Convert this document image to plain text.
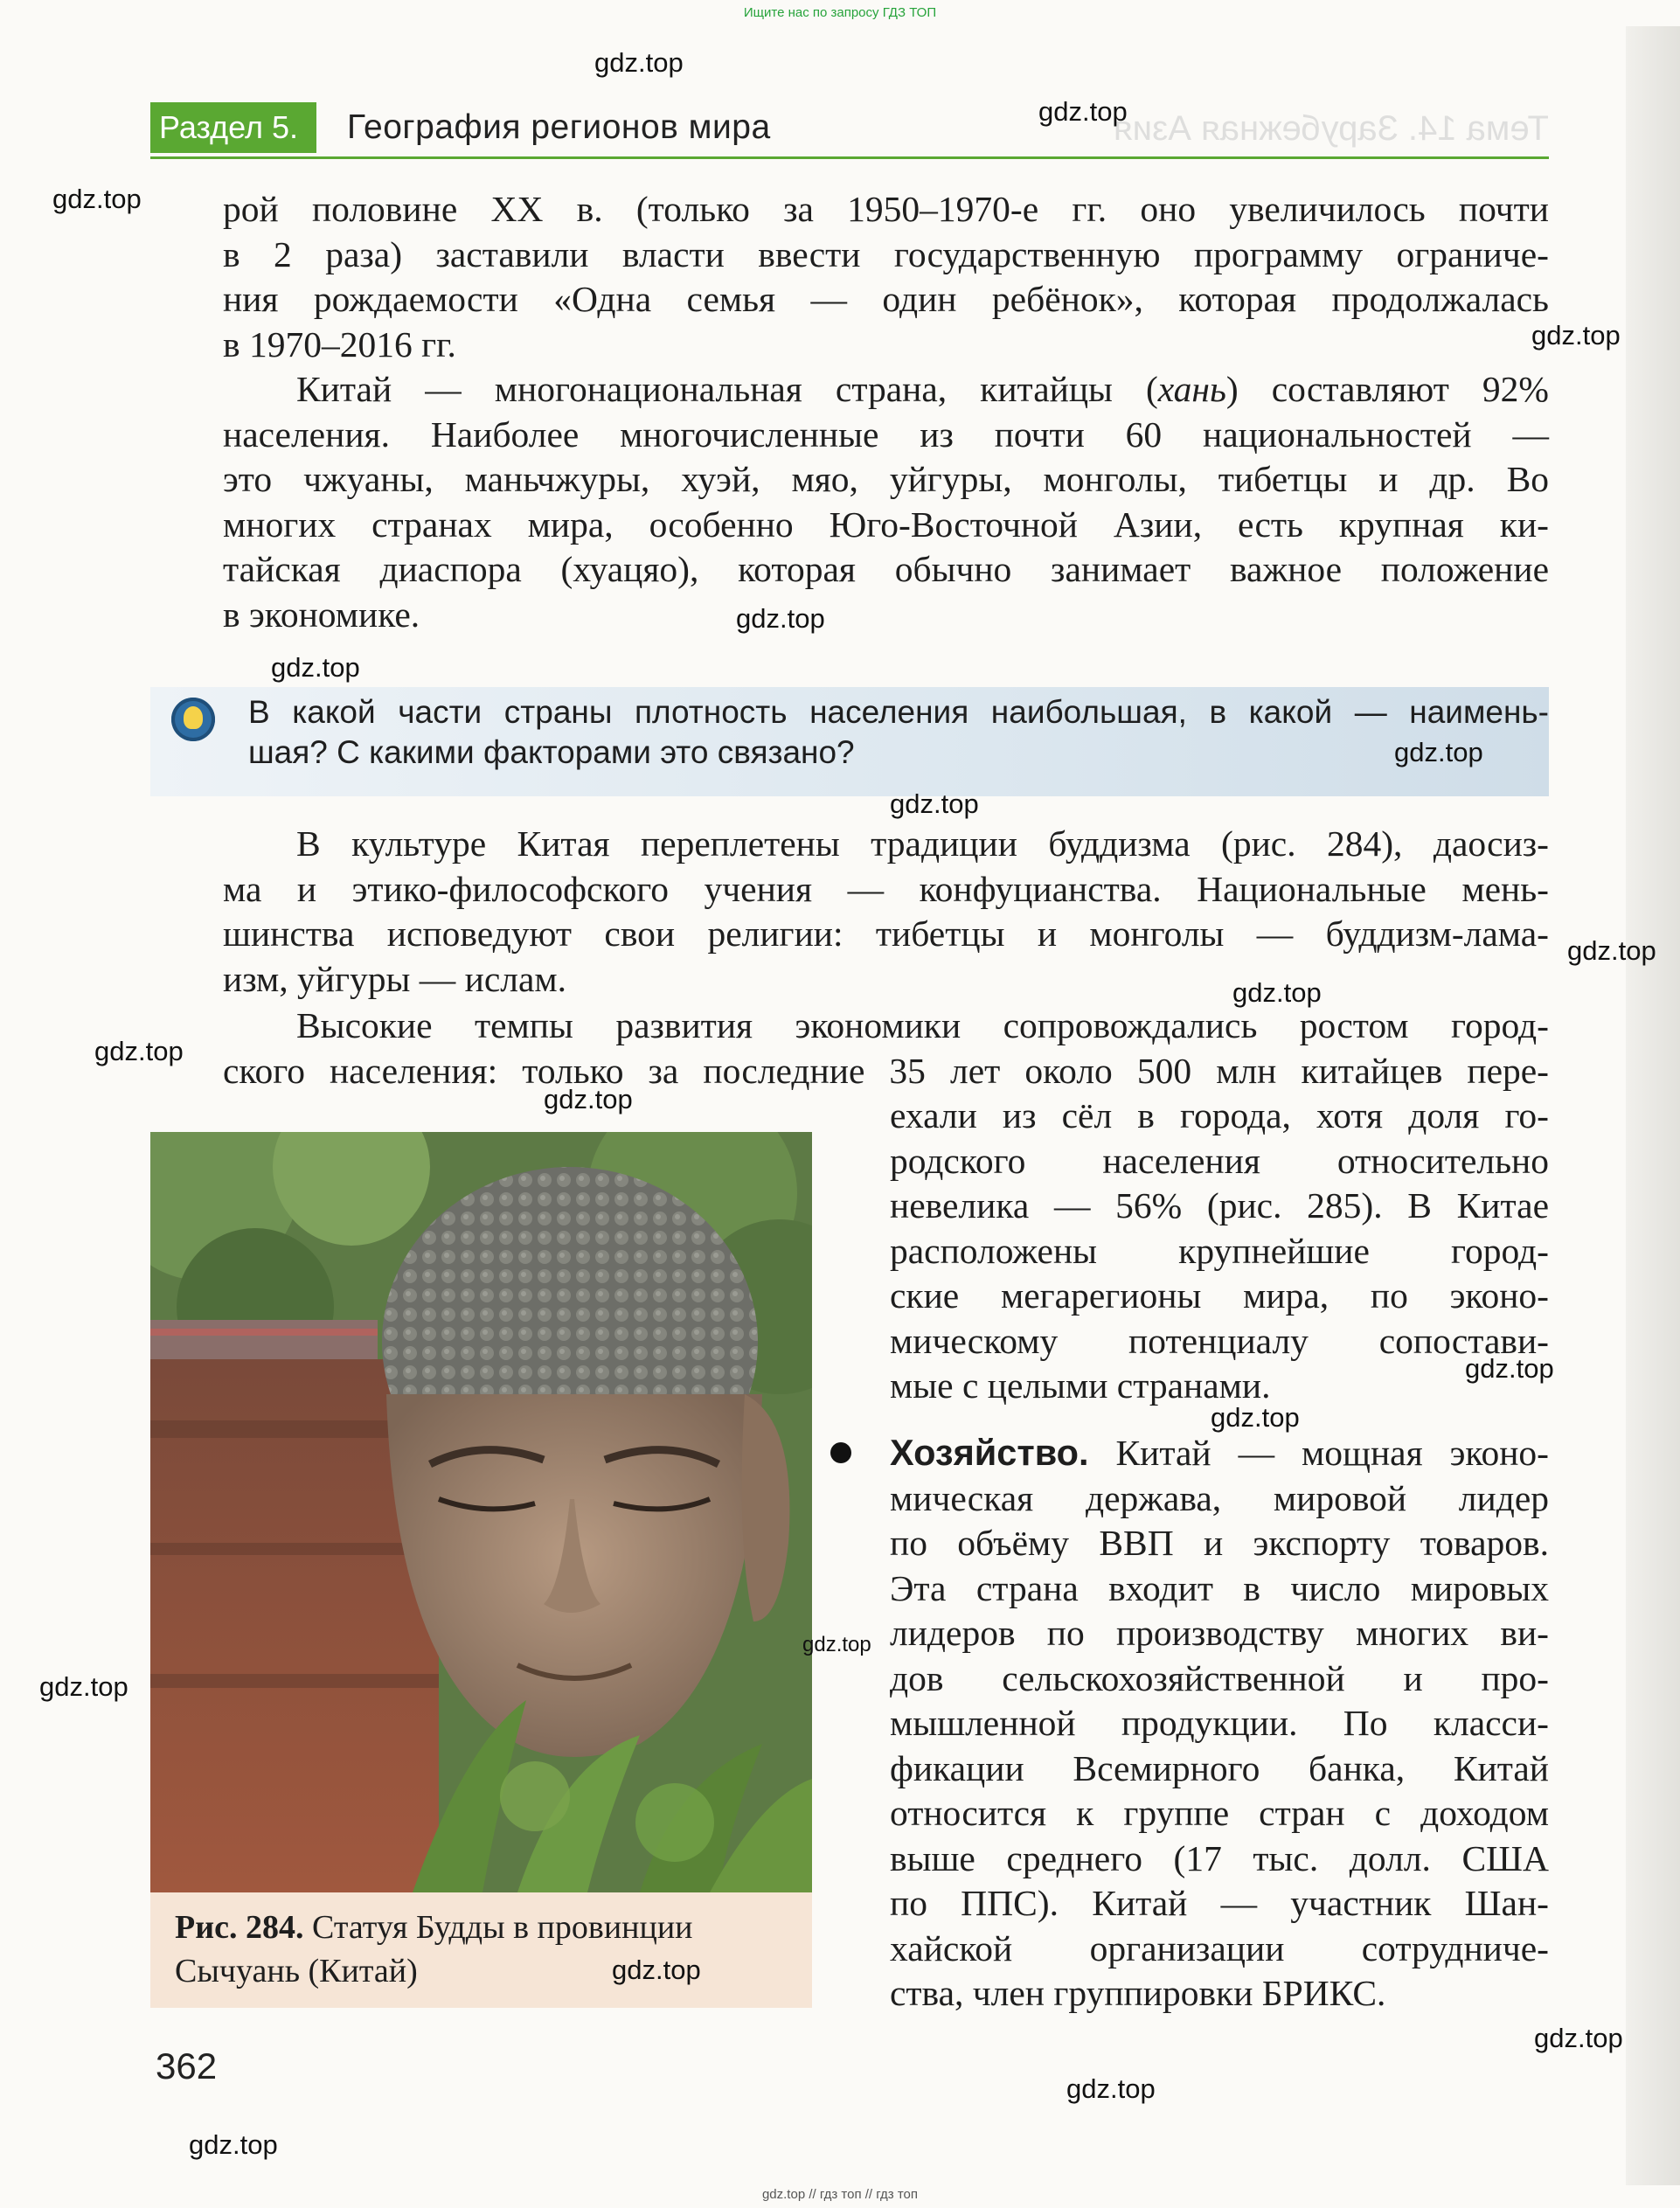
Ищите нас по запросу ГДЗ ТОП
Тема 14. Зарубежная Азия
Раздел 5.	География регионов мира
рой половине XX в. (только за 1950–1970-е гг. оно увеличилось почти
в 2 раза) заставили власти ввести государственную программу ограниче-
ния рождаемости «Одна семья — один ребёнок», которая продолжалась
в 1970–2016 гг.
Китай — многонациональная страна, китайцы (хань) составляют 92%
населения. Наиболее многочисленные из почти 60 национальностей —
это чжуаны, маньчжуры, хуэй, мяо, уйгуры, монголы, тибетцы и др. Во
многих странах мира, особенно Юго-Восточной Азии, есть крупная ки-
тайская диаспора (хуацяо), которая обычно занимает важное положение
в экономике.
В какой части страны плотность населения наибольшая, в какой — наимень-
шая? С какими факторами это связано?
В культуре Китая переплетены традиции буддизма (рис. 284), даосиз-
ма и этико-философского учения — конфуцианства. Национальные мень-
шинства исповедуют свои религии: тибетцы и монголы — буддизм-лама-
изм, уйгуры — ислам.
Высокие темпы развития экономики сопровождались ростом город-
ского населения: только за последние 35 лет около 500 млн китайцев пере-
ехали из сёл в города, хотя доля го-
родского населения относительно
невелика — 56% (рис. 285). В Китае
расположены крупнейшие город-
ские мегарегионы мира, по эконо-
мическому потенциалу сопостави-
мые с целыми странами.
Хозяйство. Китай — мощная эконо-
мическая держава, мировой лидер
по объёму ВВП и экспорту товаров.
Эта страна входит в число мировых
лидеров по производству многих ви-
дов сельскохозяйственной и про-
мышленной продукции. По класси-
фикации Всемирного банка, Китай
относится к группе стран с доходом
выше среднего (17 тыс. долл. США
по ППС). Китай — участник Шан-
хайской организации сотрудниче-
ства, член группировки БРИКС.
Рис. 284. Статуя Будды в провинции
Сычуань (Китай)
362
gdz.top
gdz.top
gdz.top
gdz.top
gdz.top
gdz.top
gdz.top
gdz.top
gdz.top
gdz.top
gdz.top
gdz.top
gdz.top
gdz.top
gdz.top
gdz.top
gdz.top
gdz.top
gdz.top
gdz.top
gdz.top // гдз топ // гдз топ
